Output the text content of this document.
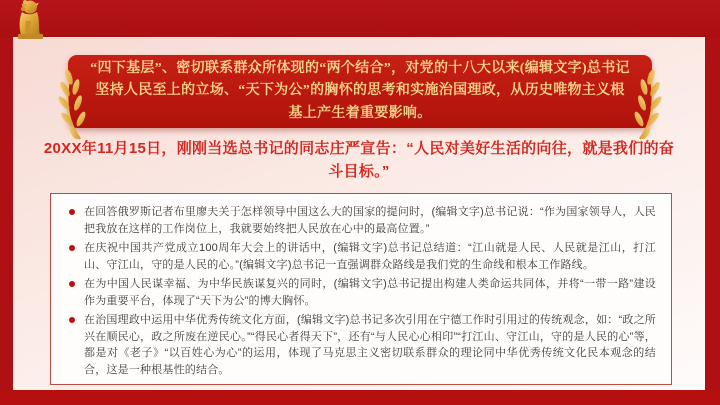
“四下基层”、密切联系群众所体现的“两个结合”，对党的十八大以来(编辑文字)总书记坚持人民至上的立场、“天下为公”的胸怀的思考和实施治国理政，从历史唯物主义根基上产生着重要影响。
20XX年11月15日，刚刚当选总书记的同志庄严宣告：“人民对美好生活的向往，就是我们的奋斗目标。”
在回答俄罗斯记者布里廖夫关于怎样领导中国这么大的国家的提问时，(编辑文字)总书记说：“作为国家领导人，人民把我放在这样的工作岗位上，我就要始终把人民放在心中的最高位置。”
在庆祝中国共产党成立100周年大会上的讲话中，(编辑文字)总书记总结道：“江山就是人民、人民就是江山，打江山、守江山，守的是人民的心。”(编辑文字)总书记一直强调群众路线是我们党的生命线和根本工作路线。
在为中国人民谋幸福、为中华民族谋复兴的同时，(编辑文字)总书记提出构建人类命运共同体，并将“一带一路”建设作为重要平台，体现了“天下为公”的博大胸怀。
在治国理政中运用中华优秀传统文化方面，(编辑文字)总书记多次引用在宁德工作时引用过的传统观念，如：“政之所兴在顺民心，政之所废在逆民心。”“得民心者得天下”，还有“与人民心心相印”“打江山、守江山，守的是人民的心”等，都是对《老子》“以百姓心为心”的运用，体现了马克思主义密切联系群众的理论同中华优秀传统文化民本观念的结合，这是一种根基性的结合。
